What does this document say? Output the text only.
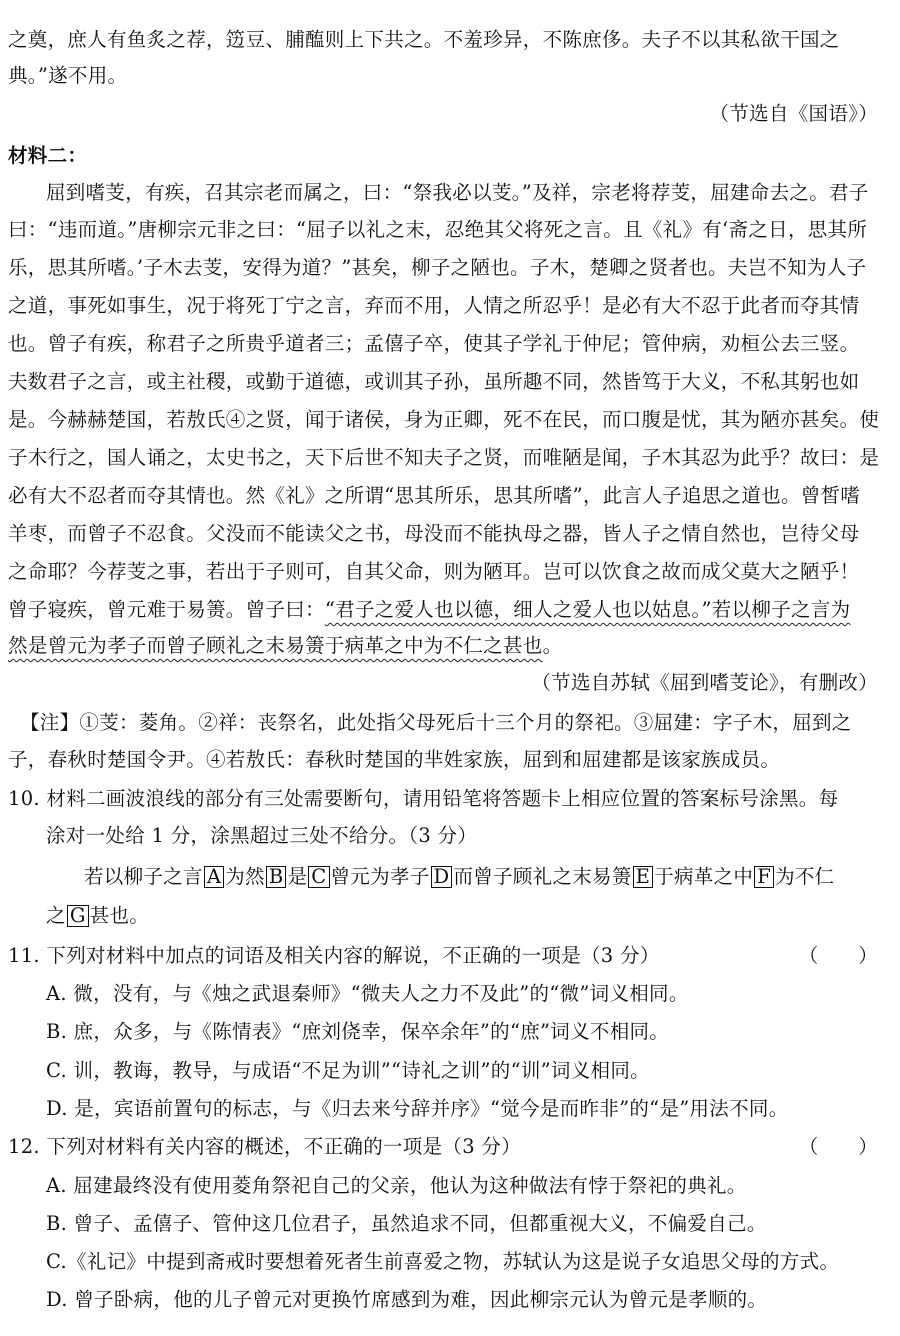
之奠，庶人有鱼炙之荐，笾豆、脯醢则上下共之。不羞珍异，不陈庶侈。夫子不以其私欲干国之
典。”遂不用。
（节选自《国语》）
材料二：
屈到嗜芰，有疾，召其宗老而属之，曰：“祭我必以芰。”及祥，宗老将荐芰，屈建命去之。君子
曰：“违而道。”唐柳宗元非之曰：“屈子以礼之末，忍绝其父将死之言。且《礼》有‘斋之日，思其所
乐，思其所嗜。’子木去芰，安得为道？”甚矣，柳子之陋也。子木，楚卿之贤者也。夫岂不知为人子
之道，事死如事生，况于将死丁宁之言，弃而不用，人情之所忍乎！是必有大不忍于此者而夺其情
也。曾子有疾，称君子之所贵乎道者三；孟僖子卒，使其子学礼于仲尼；管仲病，劝桓公去三竖。
夫数君子之言，或主社稷，或勤于道德，或训其子孙，虽所趣不同，然皆笃于大义，不私其躬也如
是。今赫赫楚国，若敖氏④之贤，闻于诸侯，身为正卿，死不在民，而口腹是忧，其为陋亦甚矣。使
子木行之，国人诵之，太史书之，天下后世不知夫子之贤，而唯陋是闻，子木其忍为此乎？故曰：是
必有大不忍者而夺其情也。然《礼》之所谓“思其所乐，思其所嗜”，此言人子追思之道也。曾皙嗜
羊枣，而曾子不忍食。父没而不能读父之书，母没而不能执母之器，皆人子之情自然也，岂待父母
之命耶？今荐芰之事，若出于子则可，自其父命，则为陋耳。岂可以饮食之故而成父莫大之陋乎！
曾子寝疾，曾元难于易箦。曾子曰：“君子之爱人也以德，细人之爱人也以姑息。”若以柳子之言为
然是曾元为孝子而曾子顾礼之末易箦于病革之中为不仁之甚也。
（节选自苏轼《屈到嗜芰论》，有删改）
【注】①芰：菱角。②祥：丧祭名，此处指父母死后十三个月的祭祀。③屈建：字子木，屈到之
子，春秋时楚国令尹。④若敖氏：春秋时楚国的芈姓家族，屈到和屈建都是该家族成员。
10. 材料二画波浪线的部分有三处需要断句，请用铅笔将答题卡上相应位置的答案标号涂黑。每
涂对一处给 1 分，涂黑超过三处不给分。（3 分）
若以柳子之言 A 为然 B 是 C 曾元为孝子 D 而曾子顾礼之末易箦 E 于病革之中 F 为不仁
之 G 甚也。
11. 下列对材料中加点的词语及相关内容的解说，不正确的一项是（3 分）	（　　）
A. 微，没有，与《烛之武退秦师》“微夫人之力不及此”的“微”词义相同。
B. 庶，众多，与《陈情表》“庶刘侥幸，保卒余年”的“庶”词义不相同。
C. 训，教诲，教导，与成语“不足为训”“诗礼之训”的“训”词义相同。
D. 是，宾语前置句的标志，与《归去来兮辞并序》“觉今是而昨非”的“是”用法不同。
12. 下列对材料有关内容的概述，不正确的一项是（3 分）	（　　）
A. 屈建最终没有使用菱角祭祀自己的父亲，他认为这种做法有悖于祭祀的典礼。
B. 曾子、孟僖子、管仲这几位君子，虽然追求不同，但都重视大义，不偏爱自己。
C.《礼记》中提到斋戒时要想着死者生前喜爱之物，苏轼认为这是说子女追思父母的方式。
D. 曾子卧病，他的儿子曾元对更换竹席感到为难，因此柳宗元认为曾元是孝顺的。
